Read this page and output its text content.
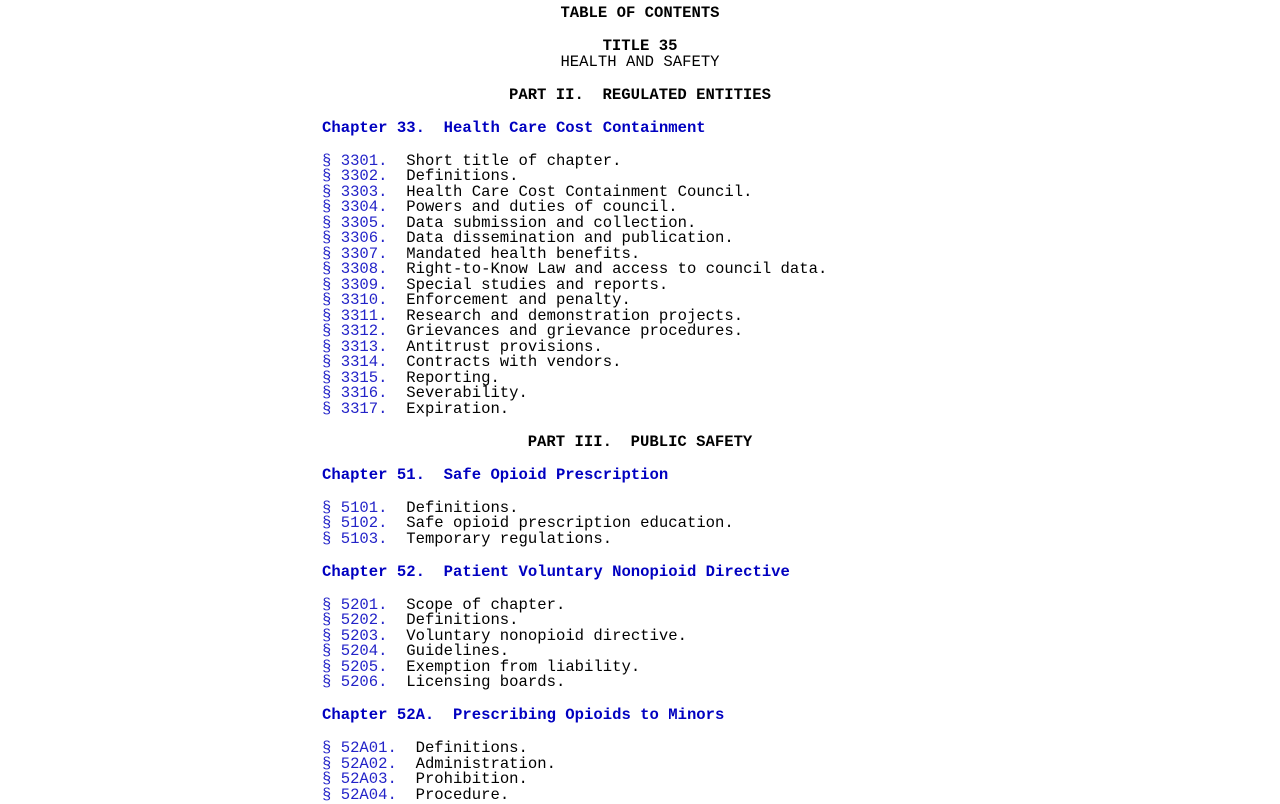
TABLE OF CONTENTS
TITLE 35
HEALTH AND SAFETY
PART II.  REGULATED ENTITIES
Chapter 33.  Health Care Cost Containment
§ 3301. Short title of chapter.
§ 3302. Definitions.
§ 3303. Health Care Cost Containment Council.
§ 3304. Powers and duties of council.
§ 3305. Data submission and collection.
§ 3306. Data dissemination and publication.
§ 3307. Mandated health benefits.
§ 3308. Right-to-Know Law and access to council data.
§ 3309. Special studies and reports.
§ 3310. Enforcement and penalty.
§ 3311. Research and demonstration projects.
§ 3312. Grievances and grievance procedures.
§ 3313. Antitrust provisions.
§ 3314. Contracts with vendors.
§ 3315. Reporting.
§ 3316. Severability.
§ 3317. Expiration.
PART III.  PUBLIC SAFETY
Chapter 51.  Safe Opioid Prescription
§ 5101. Definitions.
§ 5102. Safe opioid prescription education.
§ 5103. Temporary regulations.
Chapter 52.  Patient Voluntary Nonopioid Directive
§ 5201. Scope of chapter.
§ 5202. Definitions.
§ 5203. Voluntary nonopioid directive.
§ 5204. Guidelines.
§ 5205. Exemption from liability.
§ 5206. Licensing boards.
Chapter 52A.  Prescribing Opioids to Minors
§ 52A01. Definitions.
§ 52A02. Administration.
§ 52A03. Prohibition.
§ 52A04. Procedure.
